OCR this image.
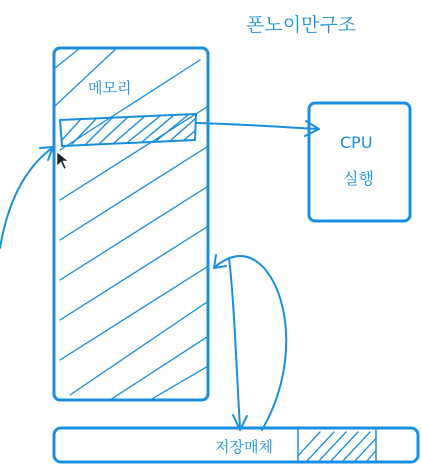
폰노이만구조
메모리
CPU
실행
저장매체
